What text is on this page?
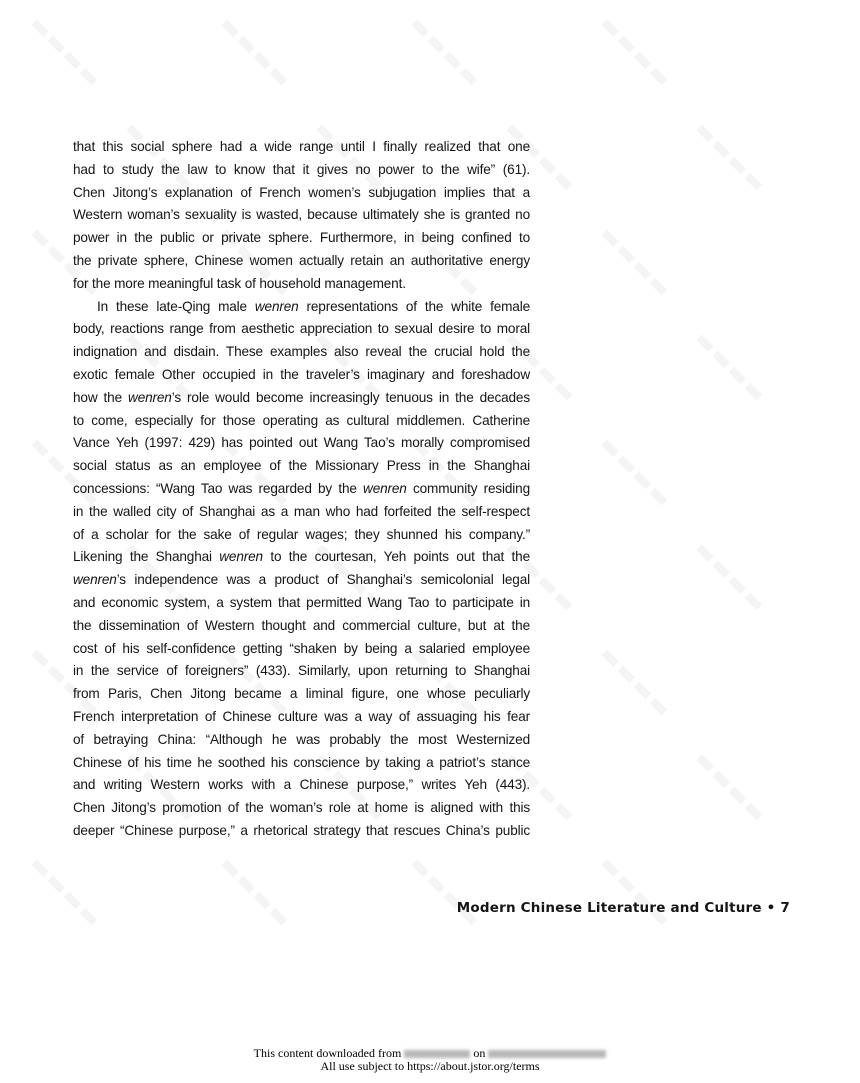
that this social sphere had a wide range until I finally realized that one
had to study the law to know that it gives no power to the wife” (61).
Chen Jitong’s explanation of French women’s subjugation implies that a
Western woman’s sexuality is wasted, because ultimately she is granted no
power in the public or private sphere. Furthermore, in being confined to
the private sphere, Chinese women actually retain an authoritative energy
for the more meaningful task of household management.
In these late-Qing male wenren representations of the white female
body, reactions range from aesthetic appreciation to sexual desire to moral
indignation and disdain. These examples also reveal the crucial hold the
exotic female Other occupied in the traveler’s imaginary and foreshadow
how the wenren’s role would become increasingly tenuous in the decades
to come, especially for those operating as cultural middlemen. Catherine
Vance Yeh (1997: 429) has pointed out Wang Tao’s morally compromised
social status as an employee of the Missionary Press in the Shanghai
concessions: “Wang Tao was regarded by the wenren community residing
in the walled city of Shanghai as a man who had forfeited the self-respect
of a scholar for the sake of regular wages; they shunned his company.”
Likening the Shanghai wenren to the courtesan, Yeh points out that the
wenren’s independence was a product of Shanghai’s semicolonial legal
and economic system, a system that permitted Wang Tao to participate in
the dissemination of Western thought and commercial culture, but at the
cost of his self-confidence getting “shaken by being a salaried employee
in the service of foreigners” (433). Similarly, upon returning to Shanghai
from Paris, Chen Jitong became a liminal figure, one whose peculiarly
French interpretation of Chinese culture was a way of assuaging his fear
of betraying China: “Although he was probably the most Westernized
Chinese of his time he soothed his conscience by taking a patriot’s stance
and writing Western works with a Chinese purpose,” writes Yeh (443).
Chen Jitong’s promotion of the woman’s role at home is aligned with this
deeper “Chinese purpose,” a rhetorical strategy that rescues China’s public
Modern Chinese Literature and Culture • 7
This content downloaded from	on
All use subject to https://about.jstor.org/terms
